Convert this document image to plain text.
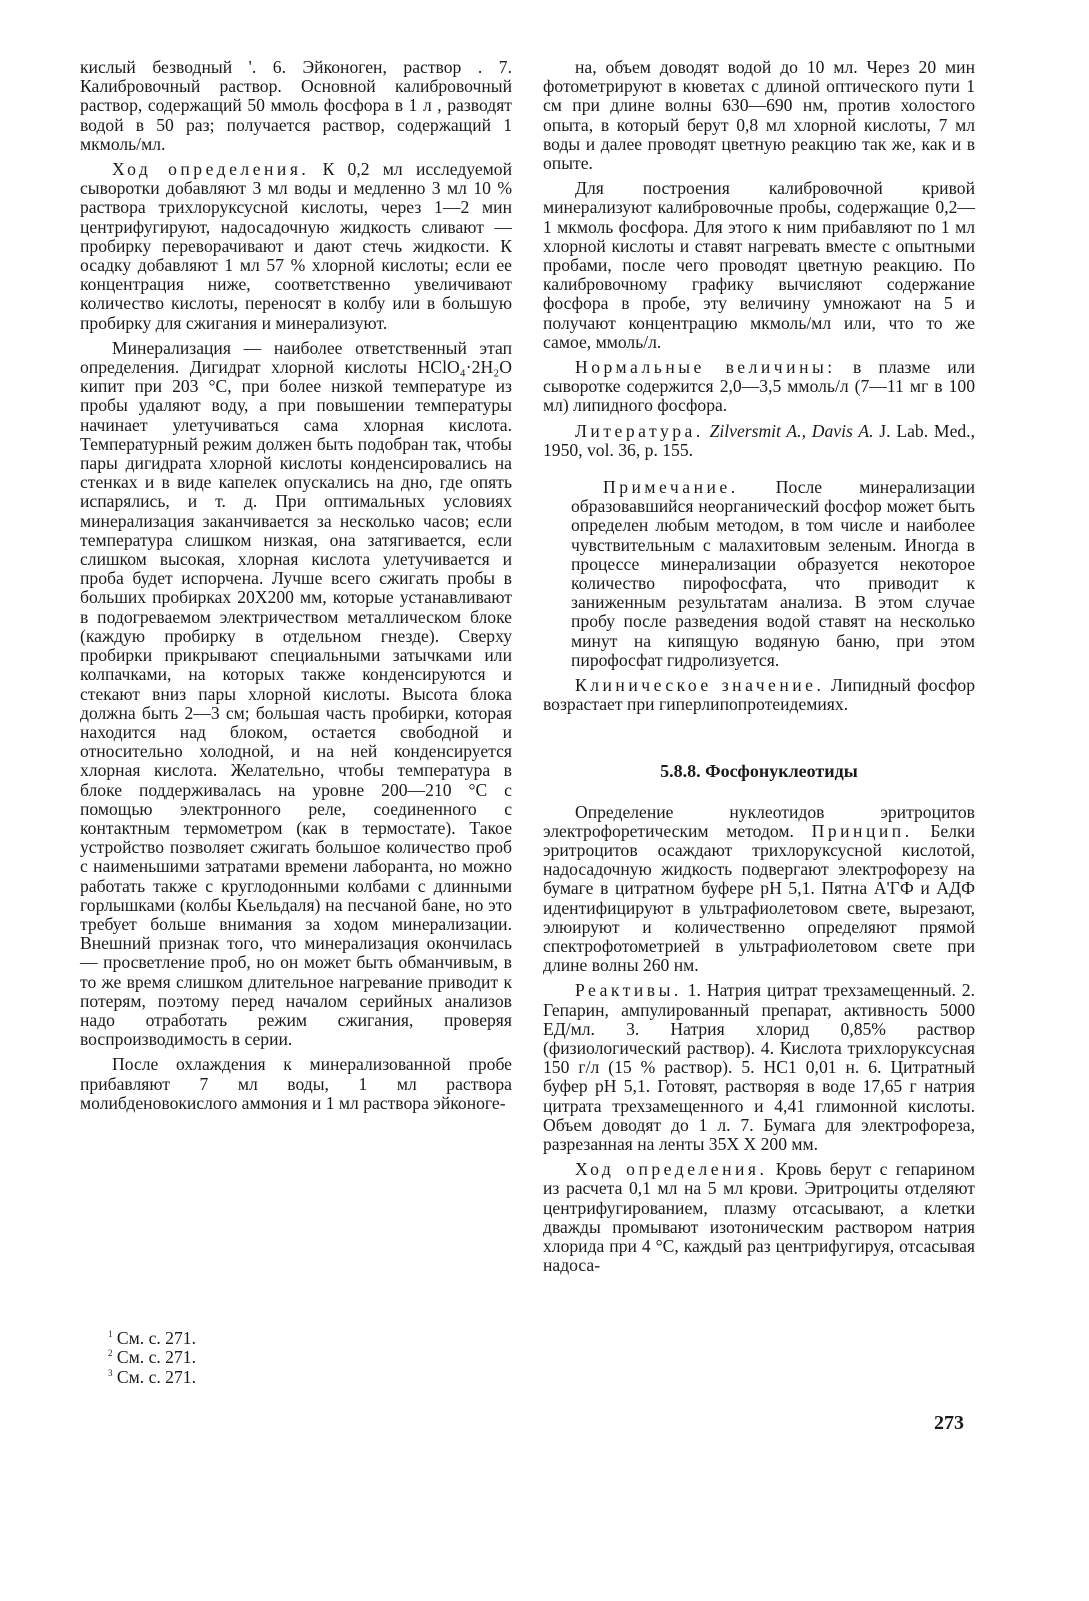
кислый безводный '. 6. Эйконоген, раствор . 7. Калибровочный раствор. Основной калибровочный раствор, содержащий 50 ммоль фосфора в 1 л , разводят водой в 50 раз; получается раствор, содержащий 1 мкмоль/мл.

Ход определения. К 0,2 мл исследуемой сыворотки добавляют 3 мл воды и медленно 3 мл 10 % раствора трихлоруксусной кислоты, через 1—2 мин центрифугируют, надосадочную жидкость сливают — пробирку переворачивают и дают стечь жидкости. К осадку добавляют 1 мл 57 % хлорной кислоты; если ее концентрация ниже, соответственно увеличивают количество кислоты, переносят в колбу или в большую пробирку для сжигания и минерализуют.

Минерализация — наиболее ответственный этап определения. Дигидрат хлорной кислоты HClO₄·2H₂O кипит при 203 °С, при более низкой температуре из пробы удаляют воду, а при повышении температуры начинает улетучиваться сама хлорная кислота. Температурный режим должен быть подобран так, чтобы пары дигидрата хлорной кислоты конденсировались на стенках и в виде капелек опускались на дно, где опять испарялись, и т. д. При оптимальных условиях минерализация заканчивается за несколько часов; если температура слишком низкая, она затягивается, если слишком высокая, хлорная кислота улетучивается и проба будет испорчена. Лучше всего сжигать пробы в больших пробирках 20Х200 мм, которые устанавливают в подогреваемом электричеством металлическом блоке (каждую пробирку в отдельном гнезде). Сверху пробирки прикрывают специальными затычками или колпачками, на которых также конденсируются и стекают вниз пары хлорной кислоты. Высота блока должна быть 2—3 см; большая часть пробирки, которая находится над блоком, остается свободной и относительно холодной, и на ней конденсируется хлорная кислота. Желательно, чтобы температура в блоке поддерживалась на уровне 200—210 °С с помощью электронного реле, соединенного с контактным термометром (как в термостате). Такое устройство позволяет сжигать большое количество проб с наименьшими затратами времени лаборанта, но можно работать также с круглодонными колбами с длинными горлышками (колбы Кьельдаля) на песчаной бане, но это требует больше внимания за ходом минерализации. Внешний признак того, что минерализация окончилась — просветление проб, но он может быть обманчивым, в то же время слишком длительное нагревание приводит к потерям, поэтому перед началом серийных анализов надо отработать режим сжигания, проверяя воспроизводимость в серии.

После охлаждения к минерализованной пробе прибавляют 7 мл воды, 1 мл раствора молибденовокислого аммония и 1 мл раствора эйконоге-

$^1$ См. с. 271.
$^2$ См. с. 271.
$^3$ См. с. 271.

на, объем доводят водой до 10 мл. Через 20 мин фотометрируют в кюветах с длиной оптического пути 1 см при длине волны 630—690 нм, против холостого опыта, в который берут 0,8 мл хлорной кислоты, 7 мл воды и далее проводят цветную реакцию так же, как и в опыте.

Для построения калибровочной кривой минерализуют калибровочные пробы, содержащие 0,2—1 мкмоль фосфора. Для этого к ним прибавляют по 1 мл хлорной кислоты и ставят нагревать вместе с опытными пробами, после чего проводят цветную реакцию. По калибровочному графику вычисляют содержание фосфора в пробе, эту величину умножают на 5 и получают концентрацию мкмоль/мл или, что то же самое, ммоль/л.

Нормальные величины: в плазме или сыворотке содержится 2,0—3,5 ммоль/л (7—11 мг в 100 мл) липидного фосфора.

Литература. Zilversmit A., Davis A. J. Lab. Med., 1950, vol. 36, p. 155.

Примечание. После минерализации образовавшийся неорганический фосфор может быть определен любым методом, в том числе и наиболее чувствительным с малахитовым зеленым. Иногда в процессе минерализации образуется некоторое количество пирофосфата, что приводит к заниженным результатам анализа. В этом случае пробу после разведения водой ставят на несколько минут на кипящую водяную баню, при этом пирофосфат гидролизуется.

Клиническое значение. Липидный фосфор возрастает при гиперлипопротеидемиях.

5.8.8. Фосфонуклеотиды

Определение нуклеотидов эритроцитов электрофоретическим методом. Принцип. Белки эритроцитов осаждают трихлоруксусной кислотой, надосадочную жидкость подвергают электрофорезу на бумаге в цитратном буфере рН 5,1. Пятна А'ГФ и АДФ идентифицируют в ультрафиолетовом свете, вырезают, элюируют и количественно определяют прямой спектрофотометрией в ультрафиолетовом свете при длине волны 260 нм.

Реактивы. 1. Натрия цитрат трехзамещенный. 2. Гепарин, ампулированный препарат, активность 5000 ЕД/мл. 3. Натрия хлорид 0,85% раствор (физиологический раствор). 4. Кислота трихлоруксусная 150 г/л (15 % раствор). 5. НС1 0,01 н. 6. Цитратный буфер рН 5,1. Готовят, растворяя в воде 17,65 г натрия цитрата трехзамещенного и 4,41 глимонной кислоты. Объем доводят до 1 л. 7. Бумага для электрофореза, разрезанная на ленты 35Х Х 200 мм.

Ход определения. Кровь берут с гепарином из расчета 0,1 мл на 5 мл крови. Эритроциты отделяют центрифугированием, плазму отсасывают, а клетки дважды промывают изотоническим раствором натрия хлорида при 4 °С, каждый раз центрифугируя, отсасывая надоса-

273
